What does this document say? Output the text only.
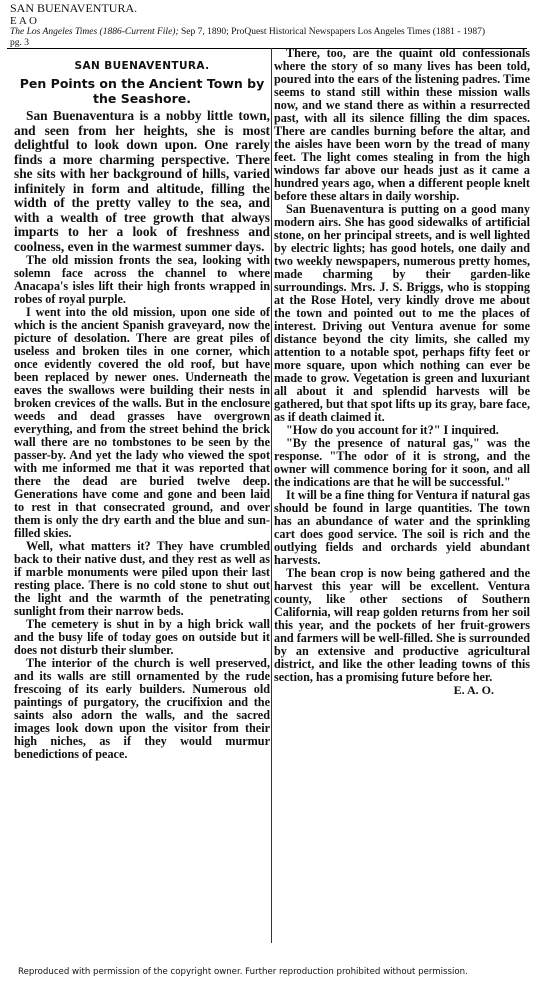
SAN BUENAVENTURA.
E A O
The Los Angeles Times (1886-Current File); Sep 7, 1890; ProQuest Historical Newspapers Los Angeles Times (1881 - 1987)
pg. 3
SAN BUENAVENTURA.
Pen Points on the Ancient Town by the Seashore.

San Buenaventura is a nobby little town, and seen from her heights, she is most delightful to look down upon. One rarely finds a more charming perspective. There she sits with her background of hills, varied infinitely in form and altitude, filling the width of the pretty valley to the sea, and with a wealth of tree growth that always imparts to her a look of freshness and coolness, even in the warmest summer days.

The old mission fronts the sea, looking with solemn face across the channel to where Anacapa's isles lift their high fronts wrapped in robes of royal purple.

I went into the old mission, upon one side of which is the ancient Spanish graveyard, now the picture of desolation. There are great piles of useless and broken tiles in one corner, which once evidently covered the old roof, but have been replaced by newer ones. Underneath the eaves the swallows were building their nests in broken crevices of the walls. But in the enclosure weeds and dead grasses have overgrown everything, and from the street behind the brick wall there are no tombstones to be seen by the passer-by. And yet the lady who viewed the spot with me informed me that it was reported that there the dead are buried twelve deep. Generations have come and gone and been laid to rest in that consecrated ground, and over them is only the dry earth and the blue and sun-filled skies.

Well, what matters it? They have crumbled back to their native dust, and they rest as well as if marble monuments were piled upon their last resting place. There is no cold stone to shut out the light and the warmth of the penetrating sunlight from their narrow beds.

The cemetery is shut in by a high brick wall and the busy life of today goes on outside but it does not disturb their slumber.

The interior of the church is well preserved, and its walls are still ornamented by the rude frescoing of its early builders. Numerous old paintings of purgatory, the crucifixion and the saints also adorn the walls, and the sacred images look down upon the visitor from their high niches, as if they would murmur benedictions of peace.

There, too, are the quaint old confessionals where the story of so many lives has been told, poured into the ears of the listening padres. Time seems to stand still within these mission walls now, and we stand there as within a resurrected past, with all its silence filling the dim spaces. There are candles burning before the altar, and the aisles have been worn by the tread of many feet. The light comes stealing in from the high windows far above our heads just as it came a hundred years ago, when a different people knelt before these altars in daily worship.

San Buenaventura is putting on a good many modern airs. She has good sidewalks of artificial stone, on her principal streets, and is well lighted by electric lights; has good hotels, one daily and two weekly newspapers, numerous pretty homes, made charming by their garden-like surroundings. Mrs. J. S. Briggs, who is stopping at the Rose Hotel, very kindly drove me about the town and pointed out to me the places of interest. Driving out Ventura avenue for some distance beyond the city limits, she called my attention to a notable spot, perhaps fifty feet or more square, upon which nothing can ever be made to grow. Vegetation is green and luxuriant all about it and splendid harvests will be gathered, but that spot lifts up its gray, bare face, as if death claimed it.

"How do you account for it?" I inquired.

"By the presence of natural gas," was the response. "The odor of it is strong, and the owner will commence boring for it soon, and all the indications are that he will be successful."

It will be a fine thing for Ventura if natural gas should be found in large quantities. The town has an abundance of water and the sprinkling cart does good service. The soil is rich and the outlying fields and orchards yield abundant harvests.

The bean crop is now being gathered and the harvest this year will be excellent. Ventura county, like other sections of Southern California, will reap golden returns from her soil this year, and the pockets of her fruit-growers and farmers will be well-filled. She is surrounded by an extensive and productive agricultural district, and like the other leading towns of this section, has a promising future before her.

E. A. O.

Reproduced with permission of the copyright owner. Further reproduction prohibited without permission.
